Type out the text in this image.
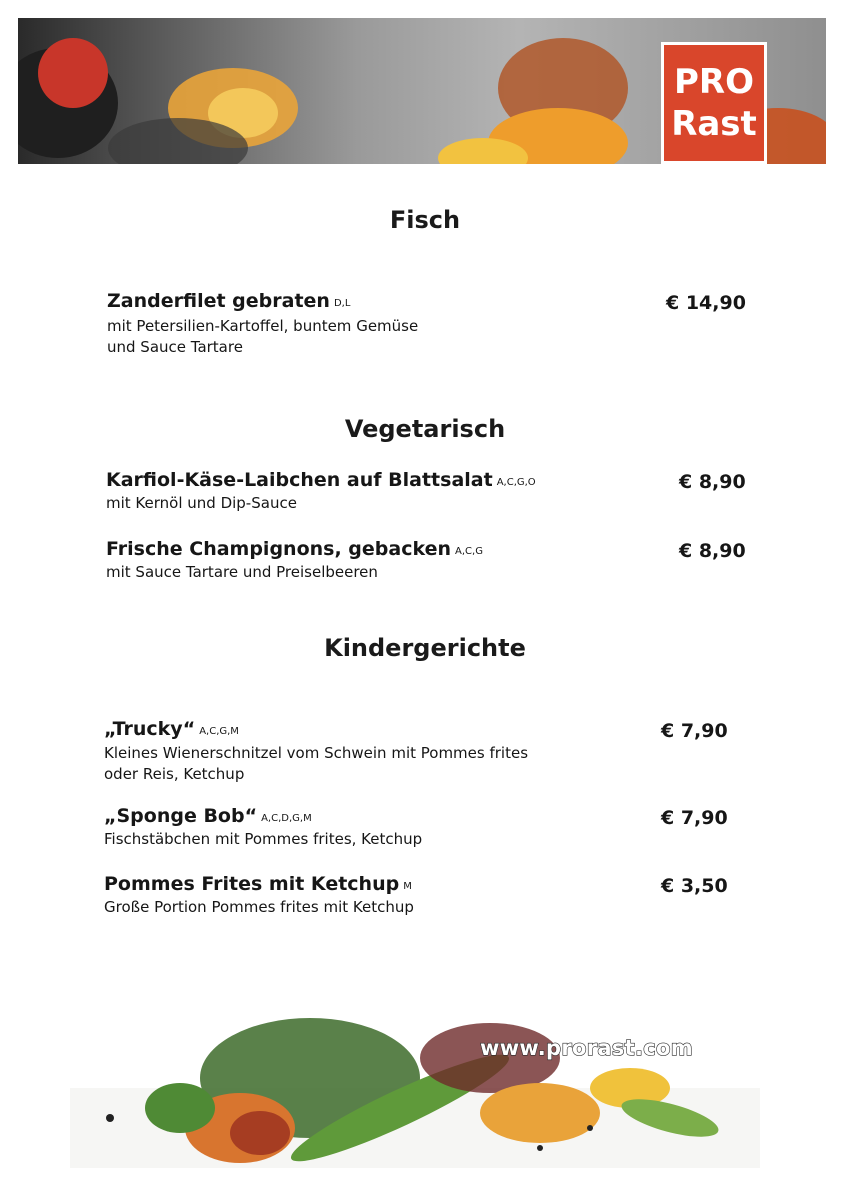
PRO
Rast
Fisch
Zanderfilet gebraten D,L
mit Petersilien-Kartoffel, buntem Gemüse
und Sauce Tartare
€ 14,90
Vegetarisch
Karfiol-Käse-Laibchen auf Blattsalat A,C,G,O
mit Kernöl und Dip-Sauce
€ 8,90
Frische Champignons, gebacken A,C,G
mit Sauce Tartare und Preiselbeeren
€ 8,90
Kindergerichte
„Trucky“ A,C,G,M
Kleines Wienerschnitzel vom Schwein mit Pommes frites
oder Reis, Ketchup
€ 7,90
„Sponge Bob“ A,C,D,G,M
Fischstäbchen mit Pommes frites, Ketchup
€ 7,90
Pommes Frites mit Ketchup M
Große Portion Pommes frites mit Ketchup
€ 3,50
www.prorast.com
